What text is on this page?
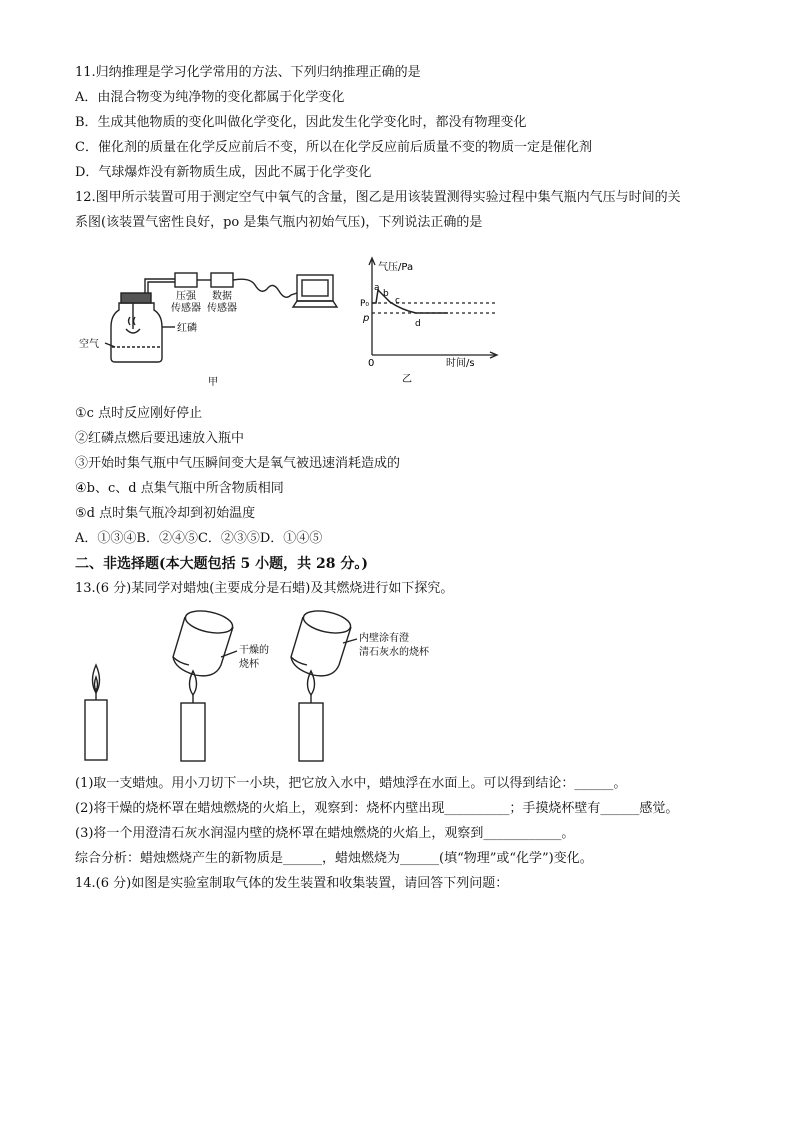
11.归纳推理是学习化学常用的方法、下列归纳推理正确的是
A．由混合物变为纯净物的变化都属于化学变化
B．生成其他物质的变化叫做化学变化，因此发生化学变化时，都没有物理变化
C．催化剂的质量在化学反应前后不变，所以在化学反应前后质量不变的物质一定是催化剂
D．气球爆炸没有新物质生成，因此不属于化学变化
12.图甲所示装置可用于测定空气中氧气的含量，图乙是用该装置测得实验过程中集气瓶内气压与时间的关
系图(该装置气密性良好，po 是集气瓶内初始气压)，下列说法正确的是
压强
传感器
数据
传感器
红磷
空气
甲
气压/Pa
时间/s
0
P₀
p
a
b
c
d
乙
①c 点时反应刚好停止
②红磷点燃后要迅速放入瓶中
③开始时集气瓶中气压瞬间变大是氧气被迅速消耗造成的
④b、c、d 点集气瓶中所含物质相同
⑤d 点时集气瓶冷却到初始温度
A．①③④B．②④⑤C．②③⑤D．①④⑤
二、非选择题(本大题包括 5 小题，共 28 分。)
13.(6 分)某同学对蜡烛(主要成分是石蜡)及其燃烧进行如下探究。
干燥的
烧杯
内壁涂有澄
清石灰水的烧杯
(1)取一支蜡烛。用小刀切下一小块，把它放入水中，蜡烛浮在水面上。可以得到结论：______。
(2)将干燥的烧杯罩在蜡烛燃烧的火焰上，观察到：烧杯内壁出现__________；手摸烧杯壁有______感觉。
(3)将一个用澄清石灰水润湿内壁的烧杯罩在蜡烛燃烧的火焰上，观察到____________。
综合分析：蜡烛燃烧产生的新物质是______，蜡烛燃烧为______(填“物理”或“化学”)变化。
14.(6 分)如图是实验室制取气体的发生装置和收集装置，请回答下列问题：
